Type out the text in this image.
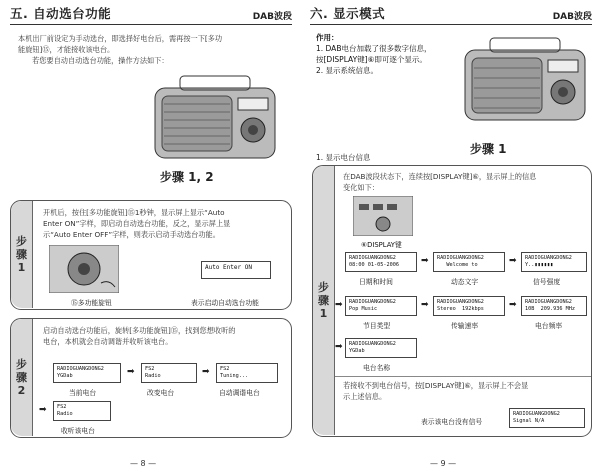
五. 自动选台功能	DAB波段
本机出厂前设定为手动选台，即选择好电台后，需再按一下[多功
能旋钮]⑮，才能接收该电台。
若您要自动自动选台功能，操作方法如下：
步骤 1, 2
步
骤
1
开机后，按住[多功能旋钮]⑮1秒钟，显示屏上显示“Auto
Enter ON”字样，即启动自动选台功能，反之，显示屏上显
示“Auto Enter OFF”字样，则表示启动手动选台功能。
Auto Enter ON
⑮多功能旋钮	表示启动自动选台功能
步
骤
2
启动自动选台功能后，旋转[多功能旋钮]⑮，找到您想收听的
电台，本机就会自动调谐并收听该电台。
RADIOGUANGDONG2
YGDab	➡	FS2
Radio	➡	FS2
Tuning...
当前电台	改变电台	自动调谐电台
➡	FS2
Radio
收听该电台
— 8 —
六. 显示模式	DAB波段
作用：
1. DAB电台加载了很多数字信息，
按[DISPLAY键]⑥即可逐个显示。
2. 显示系统信息。
步骤 1
1. 显示电台信息
步
骤
1
在DAB波段状态下，连续按[DISPLAY键]⑥，显示屏上的信息
变化如下：
⑥DISPLAY键
RADIOGUANGDONG2
08:00 01-05-2006	➡	RADIOGUANGDONG2
Welcome to	➡	RADIOGUANGDONG2
Y..▮▮▮▮▮▮
日期和时间	动态文字	信号强度
➡	RADIOGUANGDONG2
Pop Music	➡	RADIOGUANGDONG2
Stereo  192kbps	➡	RADIOGUANGDONG2
10B  209.936 MHz
节目类型	传输速率	电台频率
➡	RADIOGUANGDONG2
YGDab
电台名称
若接收不到电台信号，按[DISPLAY键]⑥，显示屏上不会显
示上述信息。
RADIOGUANGDONG2
Signal N/A
表示该电台没有信号
— 9 —
